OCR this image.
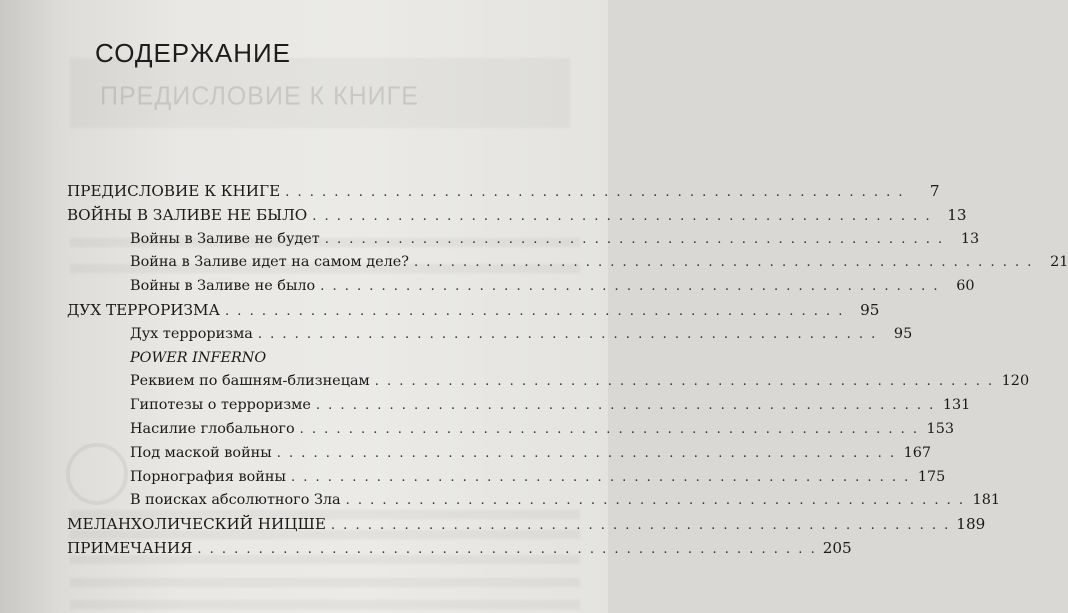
ПРЕДИСЛОВИЕ К КНИГЕ
СОДЕРЖАНИЕ
ПРЕДИСЛОВИЕ К КНИГЕ . . . . . . . . . . . . . . . . . . . . . . . . . . . . . . . . . . . . . . . . . . . . . . . . . . .	7
ВОЙНЫ В ЗАЛИВЕ НЕ БЫЛО . . . . . . . . . . . . . . . . . . . . . . . . . . . . . . . . . . . . . . . . . . . . . . . . . . .	13
Войны в Заливе не будет . . . . . . . . . . . . . . . . . . . . . . . . . . . . . . . . . . . . . . . . . . . . . . . . . . .	13
Война в Заливе идет на самом деле? . . . . . . . . . . . . . . . . . . . . . . . . . . . . . . . . . . . . . . . . . . . . . . . . . . .	21
Войны в Заливе не было . . . . . . . . . . . . . . . . . . . . . . . . . . . . . . . . . . . . . . . . . . . . . . . . . . .	60
ДУХ ТЕРРОРИЗМА . . . . . . . . . . . . . . . . . . . . . . . . . . . . . . . . . . . . . . . . . . . . . . . . . . .	95
Дух терроризма . . . . . . . . . . . . . . . . . . . . . . . . . . . . . . . . . . . . . . . . . . . . . . . . . . .	95
POWER INFERNO
Реквием по башням-близнецам . . . . . . . . . . . . . . . . . . . . . . . . . . . . . . . . . . . . . . . . . . . . . . . . . . . 120
Гипотезы о терроризме . . . . . . . . . . . . . . . . . . . . . . . . . . . . . . . . . . . . . . . . . . . . . . . . . . . 131
Насилие глобального . . . . . . . . . . . . . . . . . . . . . . . . . . . . . . . . . . . . . . . . . . . . . . . . . . . 153
Под маской войны . . . . . . . . . . . . . . . . . . . . . . . . . . . . . . . . . . . . . . . . . . . . . . . . . . . 167
Порнография войны . . . . . . . . . . . . . . . . . . . . . . . . . . . . . . . . . . . . . . . . . . . . . . . . . . . 175
В поисках абсолютного Зла . . . . . . . . . . . . . . . . . . . . . . . . . . . . . . . . . . . . . . . . . . . . . . . . . . . 181
МЕЛАНХОЛИЧЕСКИЙ НИЦШЕ . . . . . . . . . . . . . . . . . . . . . . . . . . . . . . . . . . . . . . . . . . . . . . . . . . . 189
ПРИМЕЧАНИЯ . . . . . . . . . . . . . . . . . . . . . . . . . . . . . . . . . . . . . . . . . . . . . . . . . . . 205
